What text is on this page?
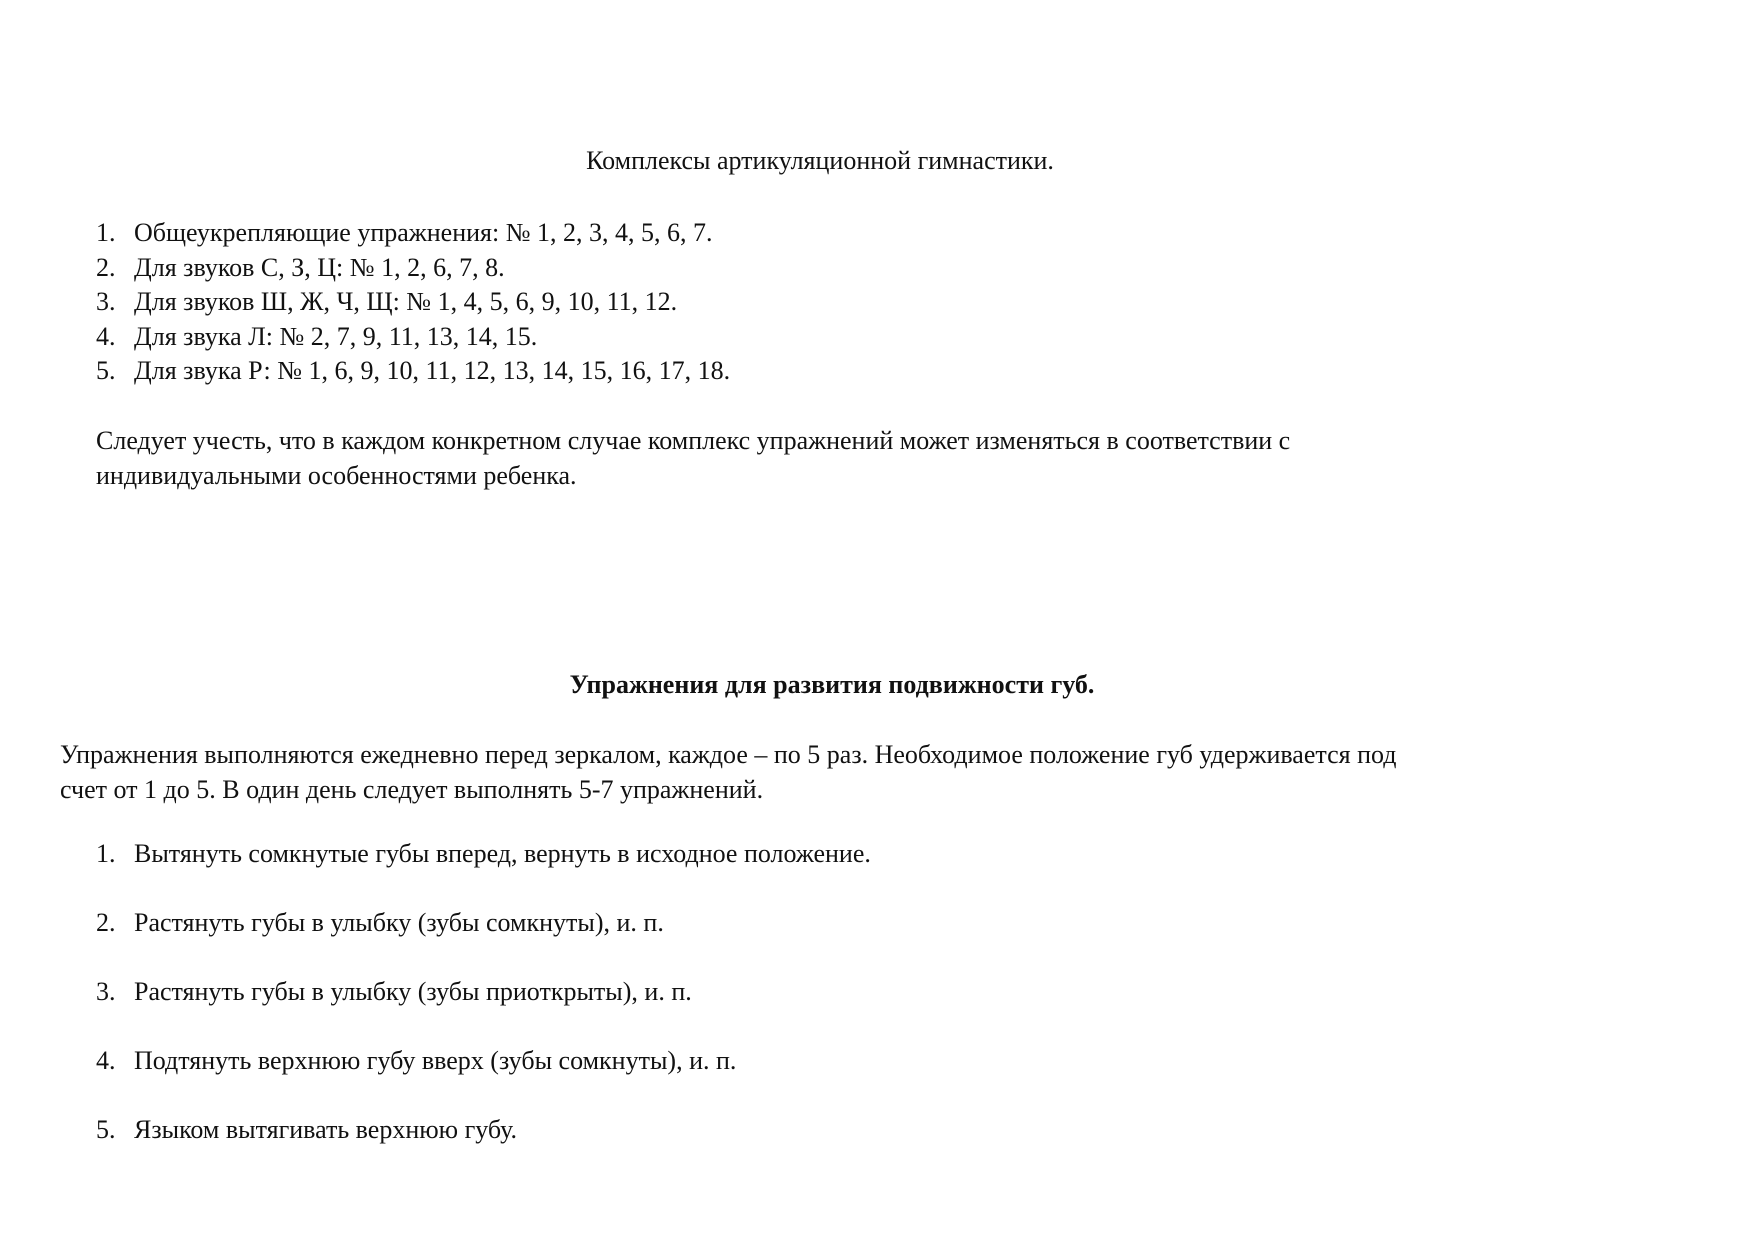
Комплексы артикуляционной гимнастики.
1. Общеукрепляющие упражнения: № 1, 2, 3, 4, 5, 6, 7.
2. Для звуков С, З, Ц: № 1, 2, 6, 7, 8.
3. Для звуков Ш, Ж, Ч, Щ: № 1, 4, 5, 6, 9, 10, 11, 12.
4. Для звука Л: № 2, 7, 9, 11, 13, 14, 15.
5. Для звука Р: № 1, 6, 9, 10, 11, 12, 13, 14, 15, 16, 17, 18.
Следует учесть, что в каждом конкретном случае комплекс упражнений может изменяться в соответствии с
индивидуальными особенностями ребенка.
Упражнения для развития подвижности губ.
Упражнения выполняются ежедневно перед зеркалом, каждое – по 5 раз. Необходимое положение губ удерживается под
счет от 1 до 5. В один день следует выполнять 5-7 упражнений.
1. Вытянуть сомкнутые губы вперед, вернуть в исходное положение.
2. Растянуть губы в улыбку (зубы сомкнуты), и. п.
3. Растянуть губы в улыбку (зубы приоткрыты), и. п.
4. Подтянуть верхнюю губу вверх (зубы сомкнуты), и. п.
5. Языком вытягивать верхнюю губу.
